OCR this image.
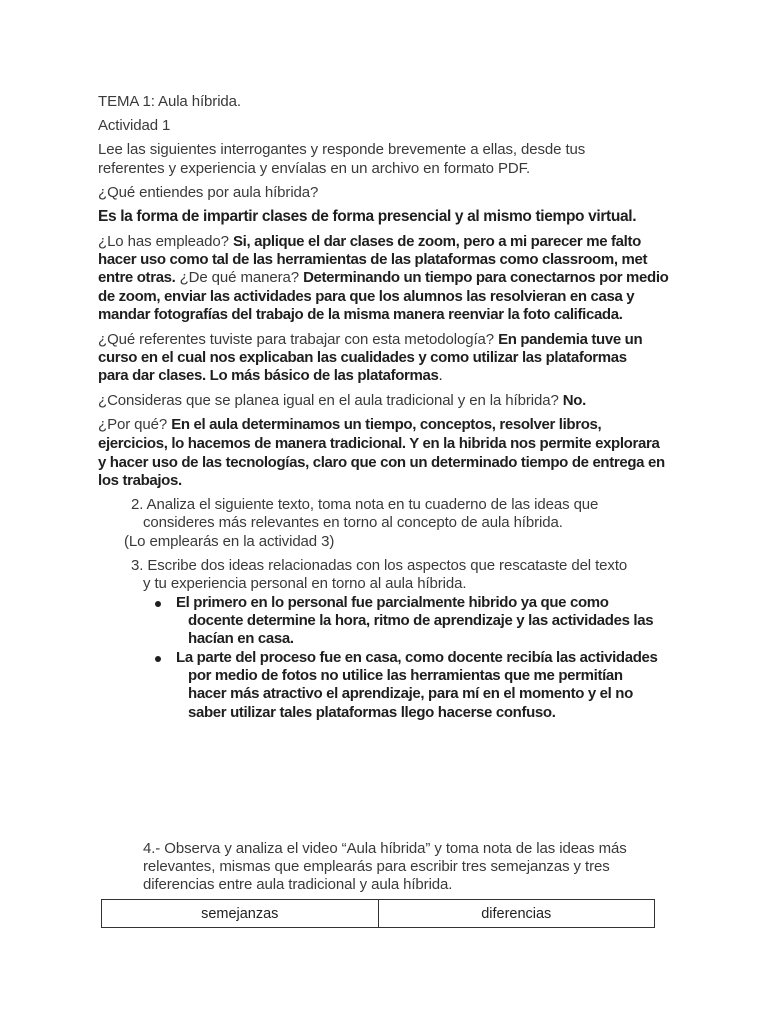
TEMA 1: Aula híbrida.
Actividad 1
Lee las siguientes interrogantes y responde brevemente a ellas, desde tus
referentes y experiencia y envíalas en un archivo en formato PDF.
¿Qué entiendes por aula híbrida?
Es la forma de impartir clases de forma presencial y al mismo tiempo virtual.
¿Lo has empleado? Si, aplique el dar clases de zoom, pero a mi parecer me falto
hacer uso como tal de las herramientas de las plataformas como classroom, met
entre otras. ¿De qué manera? Determinando un tiempo para conectarnos por medio
de zoom, enviar las actividades para que los alumnos las resolvieran en casa y
mandar fotografías del trabajo de la misma manera reenviar la foto calificada.
¿Qué referentes tuviste para trabajar con esta metodología? En pandemia tuve un
curso en el cual nos explicaban las cualidades y como utilizar las plataformas
para dar clases. Lo más básico de las plataformas.
¿Consideras que se planea igual en el aula tradicional y en la híbrida? No.
¿Por qué? En el aula determinamos un tiempo, conceptos, resolver libros,
ejercicios, lo hacemos de manera tradicional. Y en la hibrida nos permite explorara
y hacer uso de las tecnologías, claro que con un determinado tiempo de entrega en
los trabajos.
2. Analiza el siguiente texto, toma nota en tu cuaderno de las ideas que
consideres más relevantes en torno al concepto de aula híbrida.
(Lo emplearás en la actividad 3)
3. Escribe dos ideas relacionadas con los aspectos que rescataste del texto
y tu experiencia personal en torno al aula híbrida.
El primero en lo personal fue parcialmente hibrido ya que como
docente determine la hora, ritmo de aprendizaje y las actividades las
hacían en casa.
La parte del proceso fue en casa, como docente recibía las actividades
por medio de fotos no utilice las herramientas que me permitían
hacer más atractivo el aprendizaje, para mí en el momento y el no
saber utilizar tales plataformas llego hacerse confuso.
4.- Observa y analiza el video “Aula híbrida” y toma nota de las ideas más
relevantes, mismas que emplearás para escribir tres semejanzas y tres
diferencias entre aula tradicional y aula híbrida.
semejanzas	diferencias
